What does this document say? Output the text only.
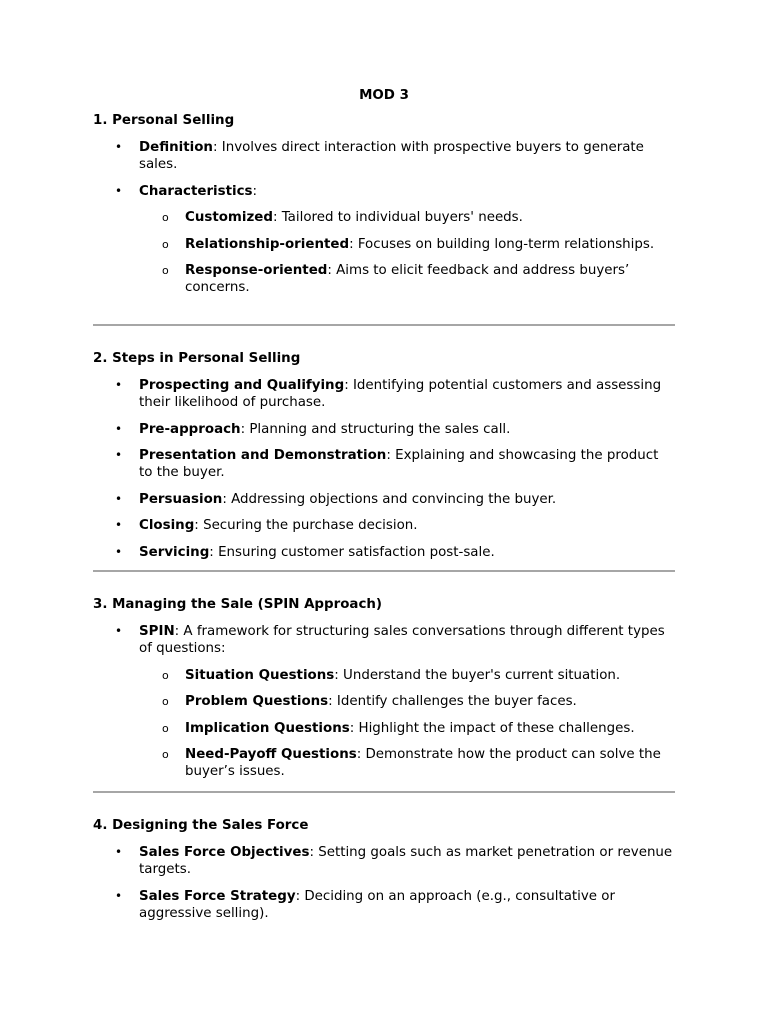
MOD 3

1. Personal Selling

• Definition: Involves direct interaction with prospective buyers to generate sales.
• Characteristics:
o Customized: Tailored to individual buyers' needs.
o Relationship-oriented: Focuses on building long-term relationships.
o Response-oriented: Aims to elicit feedback and address buyers’ concerns.

2. Steps in Personal Selling

• Prospecting and Qualifying: Identifying potential customers and assessing their likelihood of purchase.
• Pre-approach: Planning and structuring the sales call.
• Presentation and Demonstration: Explaining and showcasing the product to the buyer.
• Persuasion: Addressing objections and convincing the buyer.
• Closing: Securing the purchase decision.
• Servicing: Ensuring customer satisfaction post-sale.

3. Managing the Sale (SPIN Approach)

• SPIN: A framework for structuring sales conversations through different types of questions:
o Situation Questions: Understand the buyer's current situation.
o Problem Questions: Identify challenges the buyer faces.
o Implication Questions: Highlight the impact of these challenges.
o Need-Payoff Questions: Demonstrate how the product can solve the buyer’s issues.

4. Designing the Sales Force

• Sales Force Objectives: Setting goals such as market penetration or revenue targets.
• Sales Force Strategy: Deciding on an approach (e.g., consultative or aggressive selling).
